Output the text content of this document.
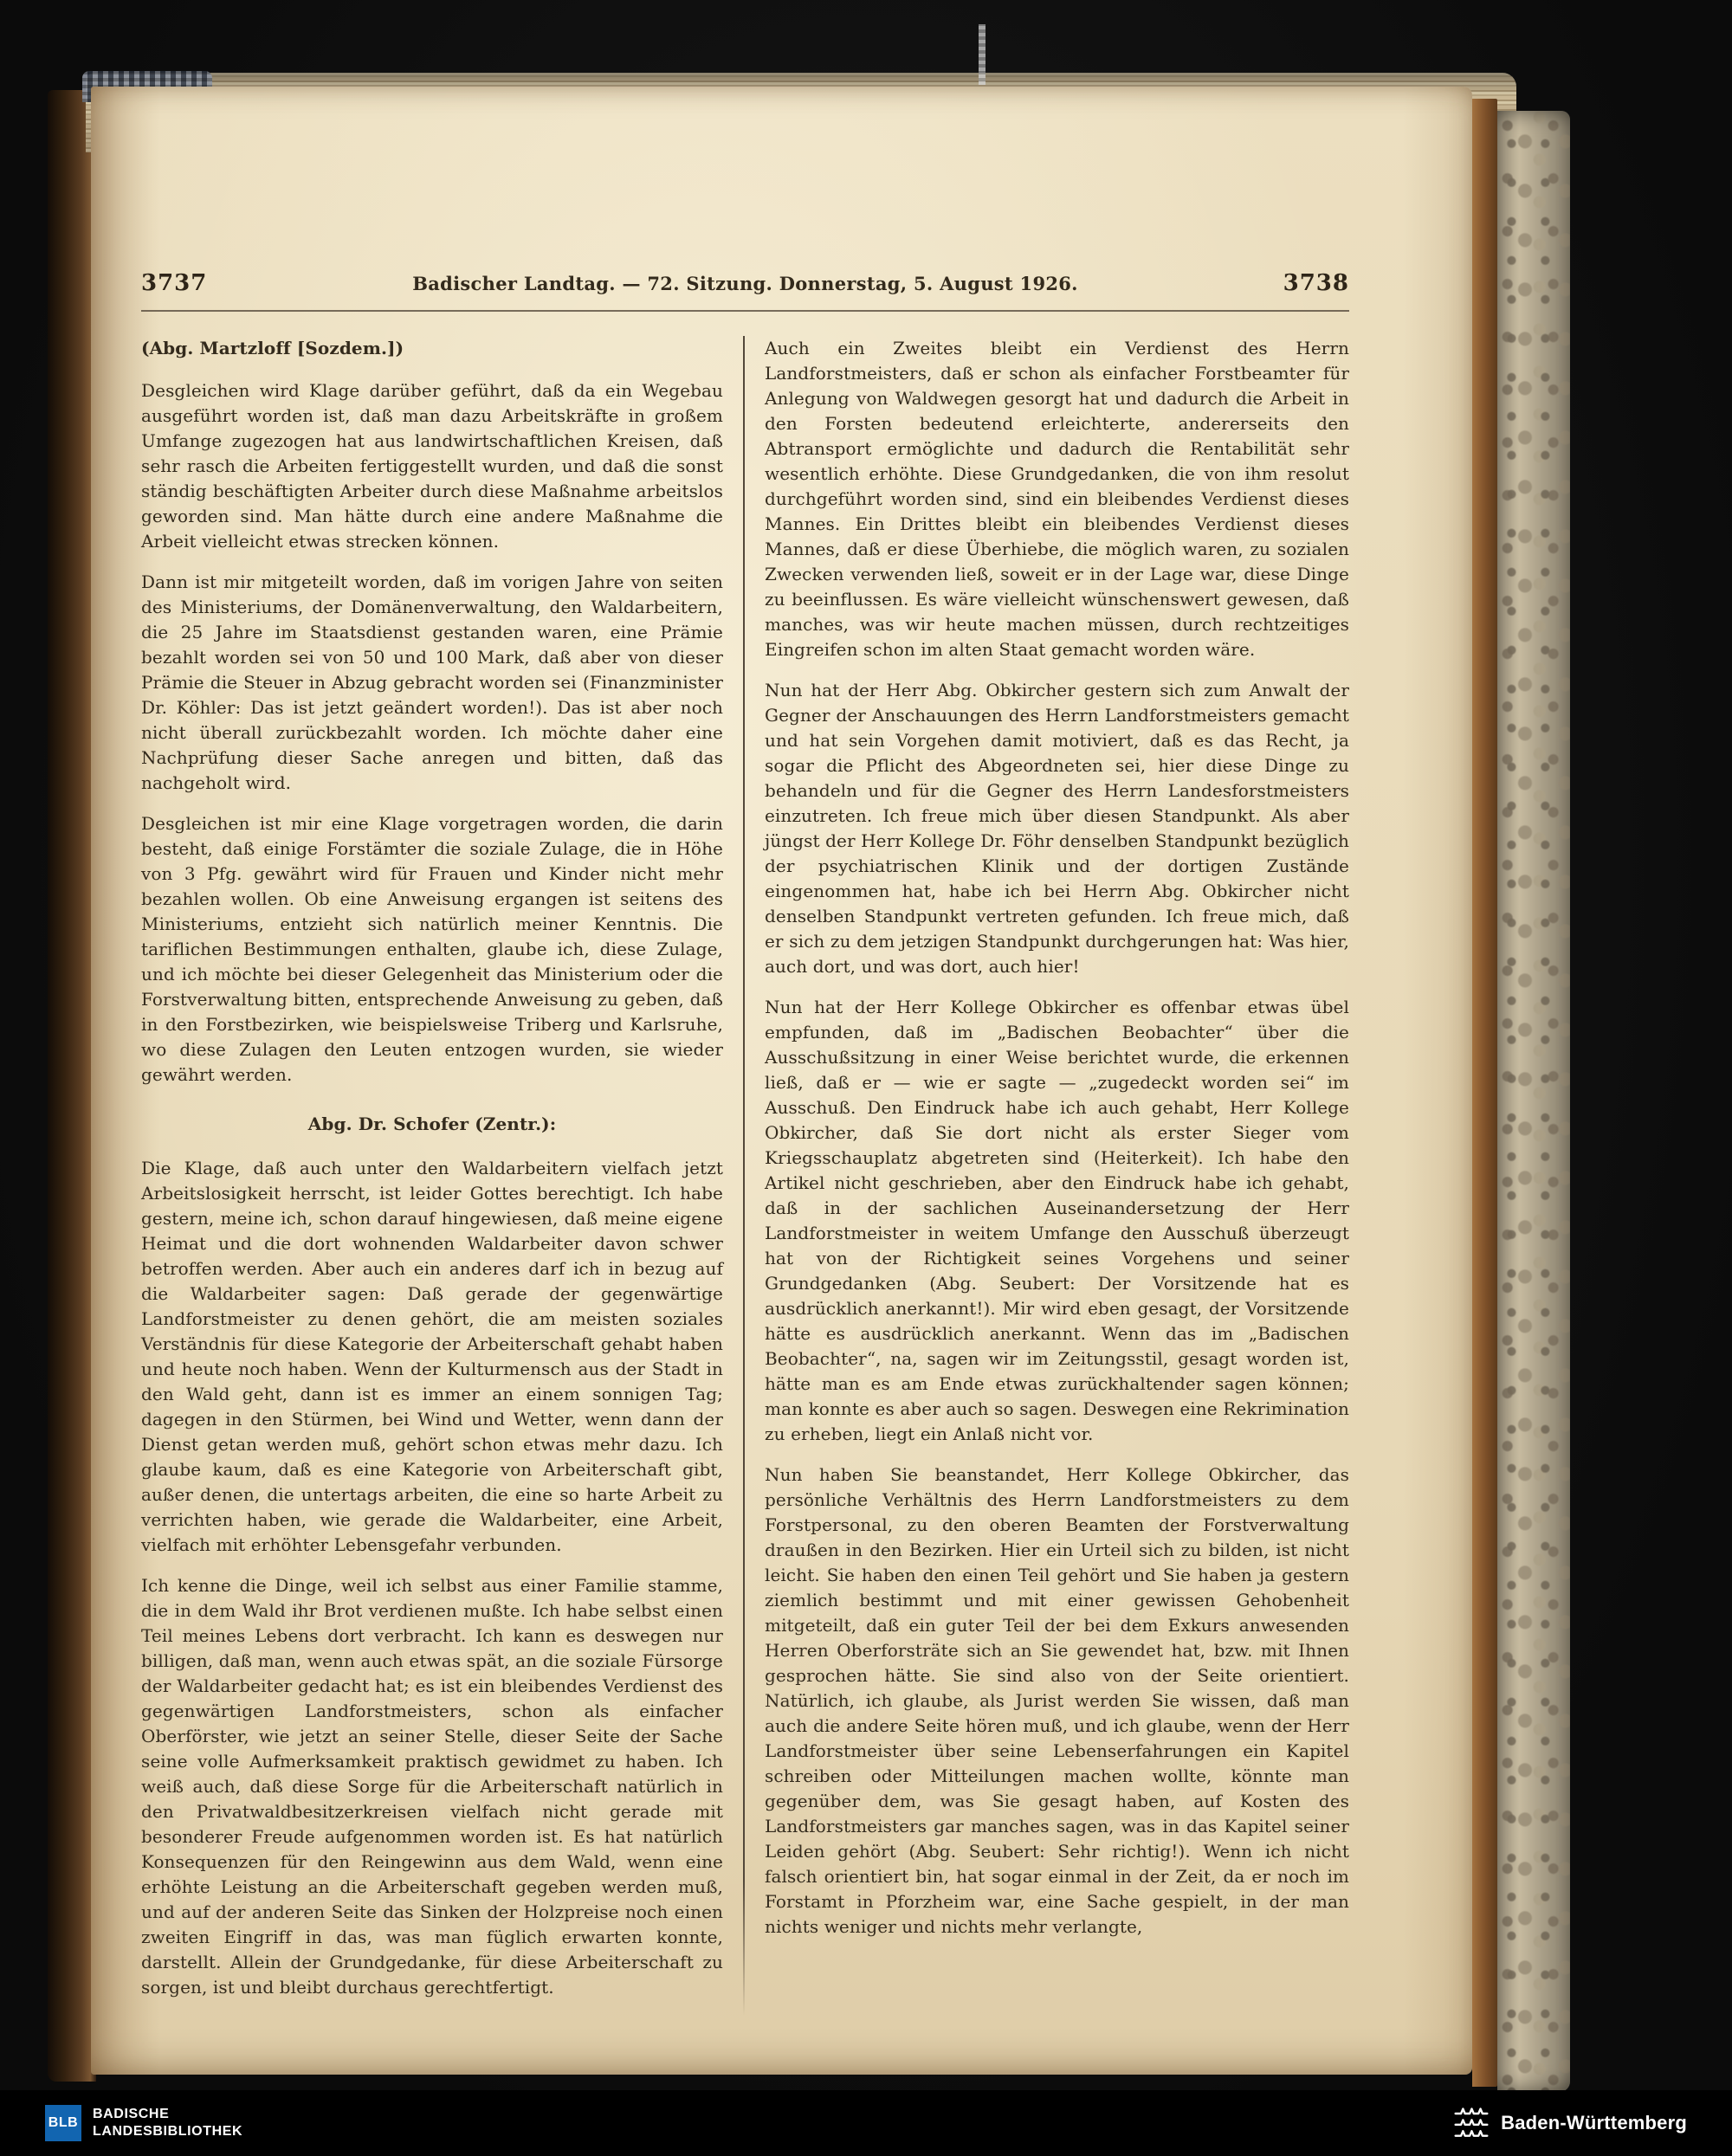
3737	Badischer Landtag. — 72. Sitzung. Donnerstag, 5. August 1926.	3738

(Abg. Martzloff [Sozdem.])

Desgleichen wird Klage darüber geführt, daß da ein Wegebau ausgeführt worden ist, daß man dazu Arbeitskräfte in großem Umfange zugezogen hat aus landwirtschaftlichen Kreisen, daß sehr rasch die Arbeiten fertiggestellt wurden, und daß die sonst ständig beschäftigten Arbeiter durch diese Maßnahme arbeitslos geworden sind. Man hätte durch eine andere Maßnahme die Arbeit vielleicht etwas strecken können.

Dann ist mir mitgeteilt worden, daß im vorigen Jahre von seiten des Ministeriums, der Domänenverwaltung, den Waldarbeitern, die 25 Jahre im Staatsdienst gestanden waren, eine Prämie bezahlt worden sei von 50 und 100 Mark, daß aber von dieser Prämie die Steuer in Abzug gebracht worden sei (Finanzminister Dr. Köhler: Das ist jetzt geändert worden!). Das ist aber noch nicht überall zurückbezahlt worden. Ich möchte daher eine Nachprüfung dieser Sache anregen und bitten, daß das nachgeholt wird.

Desgleichen ist mir eine Klage vorgetragen worden, die darin besteht, daß einige Forstämter die soziale Zulage, die in Höhe von 3 Pfg. gewährt wird für Frauen und Kinder nicht mehr bezahlen wollen. Ob eine Anweisung ergangen ist seitens des Ministeriums, entzieht sich natürlich meiner Kenntnis. Die tariflichen Bestimmungen enthalten, glaube ich, diese Zulage, und ich möchte bei dieser Gelegenheit das Ministerium oder die Forstverwaltung bitten, entsprechende Anweisung zu geben, daß in den Forstbezirken, wie beispielsweise Triberg und Karlsruhe, wo diese Zulagen den Leuten entzogen wurden, sie wieder gewährt werden.

Abg. Dr. Schofer (Zentr.):

Die Klage, daß auch unter den Waldarbeitern vielfach jetzt Arbeitslosigkeit herrscht, ist leider Gottes berechtigt. Ich habe gestern, meine ich, schon darauf hingewiesen, daß meine eigene Heimat und die dort wohnenden Waldarbeiter davon schwer betroffen werden. Aber auch ein anderes darf ich in bezug auf die Waldarbeiter sagen: Daß gerade der gegenwärtige Landforstmeister zu denen gehört, die am meisten soziales Verständnis für diese Kategorie der Arbeiterschaft gehabt haben und heute noch haben. Wenn der Kulturmensch aus der Stadt in den Wald geht, dann ist es immer an einem sonnigen Tag; dagegen in den Stürmen, bei Wind und Wetter, wenn dann der Dienst getan werden muß, gehört schon etwas mehr dazu. Ich glaube kaum, daß es eine Kategorie von Arbeiterschaft gibt, außer denen, die untertags arbeiten, die eine so harte Arbeit zu verrichten haben, wie gerade die Waldarbeiter, eine Arbeit, vielfach mit erhöhter Lebensgefahr verbunden.

Ich kenne die Dinge, weil ich selbst aus einer Familie stamme, die in dem Wald ihr Brot verdienen mußte. Ich habe selbst einen Teil meines Lebens dort verbracht. Ich kann es deswegen nur billigen, daß man, wenn auch etwas spät, an die soziale Fürsorge der Waldarbeiter gedacht hat; es ist ein bleibendes Verdienst des gegenwärtigen Landforstmeisters, schon als einfacher Oberförster, wie jetzt an seiner Stelle, dieser Seite der Sache seine volle Aufmerksamkeit praktisch gewidmet zu haben. Ich weiß auch, daß diese Sorge für die Arbeiterschaft natürlich in den Privatwaldbesitzerkreisen vielfach nicht gerade mit besonderer Freude aufgenommen worden ist. Es hat natürlich Konsequenzen für den Reingewinn aus dem Wald, wenn eine erhöhte Leistung an die Arbeiterschaft gegeben werden muß, und auf der anderen Seite das Sinken der Holzpreise noch einen zweiten Eingriff in das, was man füglich erwarten konnte, darstellt. Allein der Grundgedanke, für diese Arbeiterschaft zu sorgen, ist und bleibt durchaus gerechtfertigt.

Auch ein Zweites bleibt ein Verdienst des Herrn Landforstmeisters, daß er schon als einfacher Forstbeamter für Anlegung von Waldwegen gesorgt hat und dadurch die Arbeit in den Forsten bedeutend erleichterte, andererseits den Abtransport ermöglichte und dadurch die Rentabilität sehr wesentlich erhöhte. Diese Grundgedanken, die von ihm resolut durchgeführt worden sind, sind ein bleibendes Verdienst dieses Mannes. Ein Drittes bleibt ein bleibendes Verdienst dieses Mannes, daß er diese Überhiebe, die möglich waren, zu sozialen Zwecken verwenden ließ, soweit er in der Lage war, diese Dinge zu beeinflussen. Es wäre vielleicht wünschenswert gewesen, daß manches, was wir heute machen müssen, durch rechtzeitiges Eingreifen schon im alten Staat gemacht worden wäre.

Nun hat der Herr Abg. Obkircher gestern sich zum Anwalt der Gegner der Anschauungen des Herrn Landforstmeisters gemacht und hat sein Vorgehen damit motiviert, daß es das Recht, ja sogar die Pflicht des Abgeordneten sei, hier diese Dinge zu behandeln und für die Gegner des Herrn Landesforstmeisters einzutreten. Ich freue mich über diesen Standpunkt. Als aber jüngst der Herr Kollege Dr. Föhr denselben Standpunkt bezüglich der psychiatrischen Klinik und der dortigen Zustände eingenommen hat, habe ich bei Herrn Abg. Obkircher nicht denselben Standpunkt vertreten gefunden. Ich freue mich, daß er sich zu dem jetzigen Standpunkt durchgerungen hat: Was hier, auch dort, und was dort, auch hier!

Nun hat der Herr Kollege Obkircher es offenbar etwas übel empfunden, daß im „Badischen Beobachter“ über die Ausschußsitzung in einer Weise berichtet wurde, die erkennen ließ, daß er — wie er sagte — „zugedeckt worden sei“ im Ausschuß. Den Eindruck habe ich auch gehabt, Herr Kollege Obkircher, daß Sie dort nicht als erster Sieger vom Kriegsschauplatz abgetreten sind (Heiterkeit). Ich habe den Artikel nicht geschrieben, aber den Eindruck habe ich gehabt, daß in der sachlichen Auseinandersetzung der Herr Landforstmeister in weitem Umfange den Ausschuß überzeugt hat von der Richtigkeit seines Vorgehens und seiner Grundgedanken (Abg. Seubert: Der Vorsitzende hat es ausdrücklich anerkannt!). Mir wird eben gesagt, der Vorsitzende hätte es ausdrücklich anerkannt. Wenn das im „Badischen Beobachter“, na, sagen wir im Zeitungsstil, gesagt worden ist, hätte man es am Ende etwas zurückhaltender sagen können; man konnte es aber auch so sagen. Deswegen eine Rekrimination zu erheben, liegt ein Anlaß nicht vor.

Nun haben Sie beanstandet, Herr Kollege Obkircher, das persönliche Verhältnis des Herrn Landforstmeisters zu dem Forstpersonal, zu den oberen Beamten der Forstverwaltung draußen in den Bezirken. Hier ein Urteil sich zu bilden, ist nicht leicht. Sie haben den einen Teil gehört und Sie haben ja gestern ziemlich bestimmt und mit einer gewissen Gehobenheit mitgeteilt, daß ein guter Teil der bei dem Exkurs anwesenden Herren Oberforsträte sich an Sie gewendet hat, bzw. mit Ihnen gesprochen hätte. Sie sind also von der Seite orientiert. Natürlich, ich glaube, als Jurist werden Sie wissen, daß man auch die andere Seite hören muß, und ich glaube, wenn der Herr Landforstmeister über seine Lebenserfahrungen ein Kapitel schreiben oder Mitteilungen machen wollte, könnte man gegenüber dem, was Sie gesagt haben, auf Kosten des Landforstmeisters gar manches sagen, was in das Kapitel seiner Leiden gehört (Abg. Seubert: Sehr richtig!). Wenn ich nicht falsch orientiert bin, hat sogar einmal in der Zeit, da er noch im Forstamt in Pforzheim war, eine Sache gespielt, in der man nichts weniger und nichts mehr verlangte,

BLB
BADISCHE
LANDESBIBLIOTHEK	Baden-Württemberg
